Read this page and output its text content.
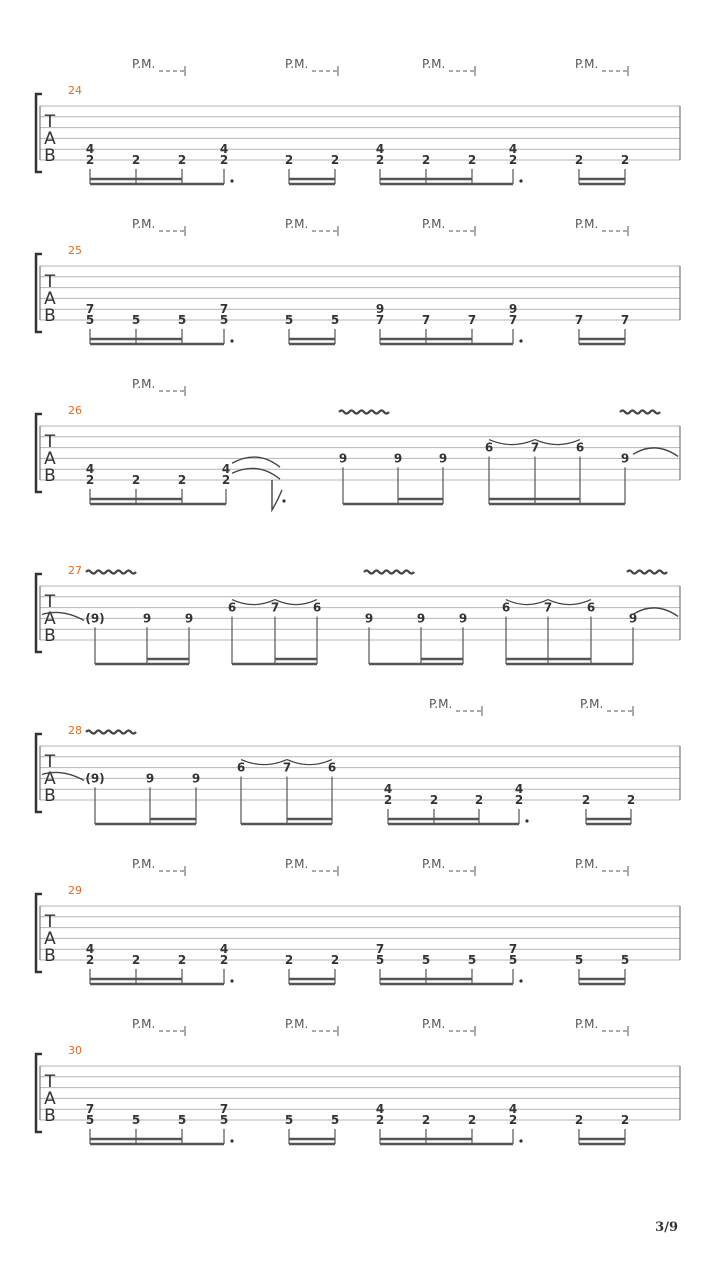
T
A
B
24
P.M.	P.M.	P.M.	P.M.
4
2	2	2
4
2	2	2
4
2	2	2
4
2	2	2
T
A
B
25
P.M.	P.M.	P.M.	P.M.
7
5	5	5
7
5	5	5
9
7	7	7
9
7	7	7
T
A
B
26
P.M.
4
2	2	2
4
2
9	9	9
6	7	6
9
T
A
B
27
(9)	9	9
6	7	6
9	9	9
6	7	6
9
T
A
B
28
P.M.	P.M.
(9)	9	9
6	7	6
4
2	2	2
4
2	2	2
T
A
B
29
P.M.	P.M.	P.M.	P.M.
4
2	2	2
4
2	2	2
7
5	5	5
7
5	5	5
T
A
B
30
P.M.	P.M.	P.M.	P.M.
7
5	5	5
7
5	5	5
4
2	2	2
4
2	2	2
3/9
